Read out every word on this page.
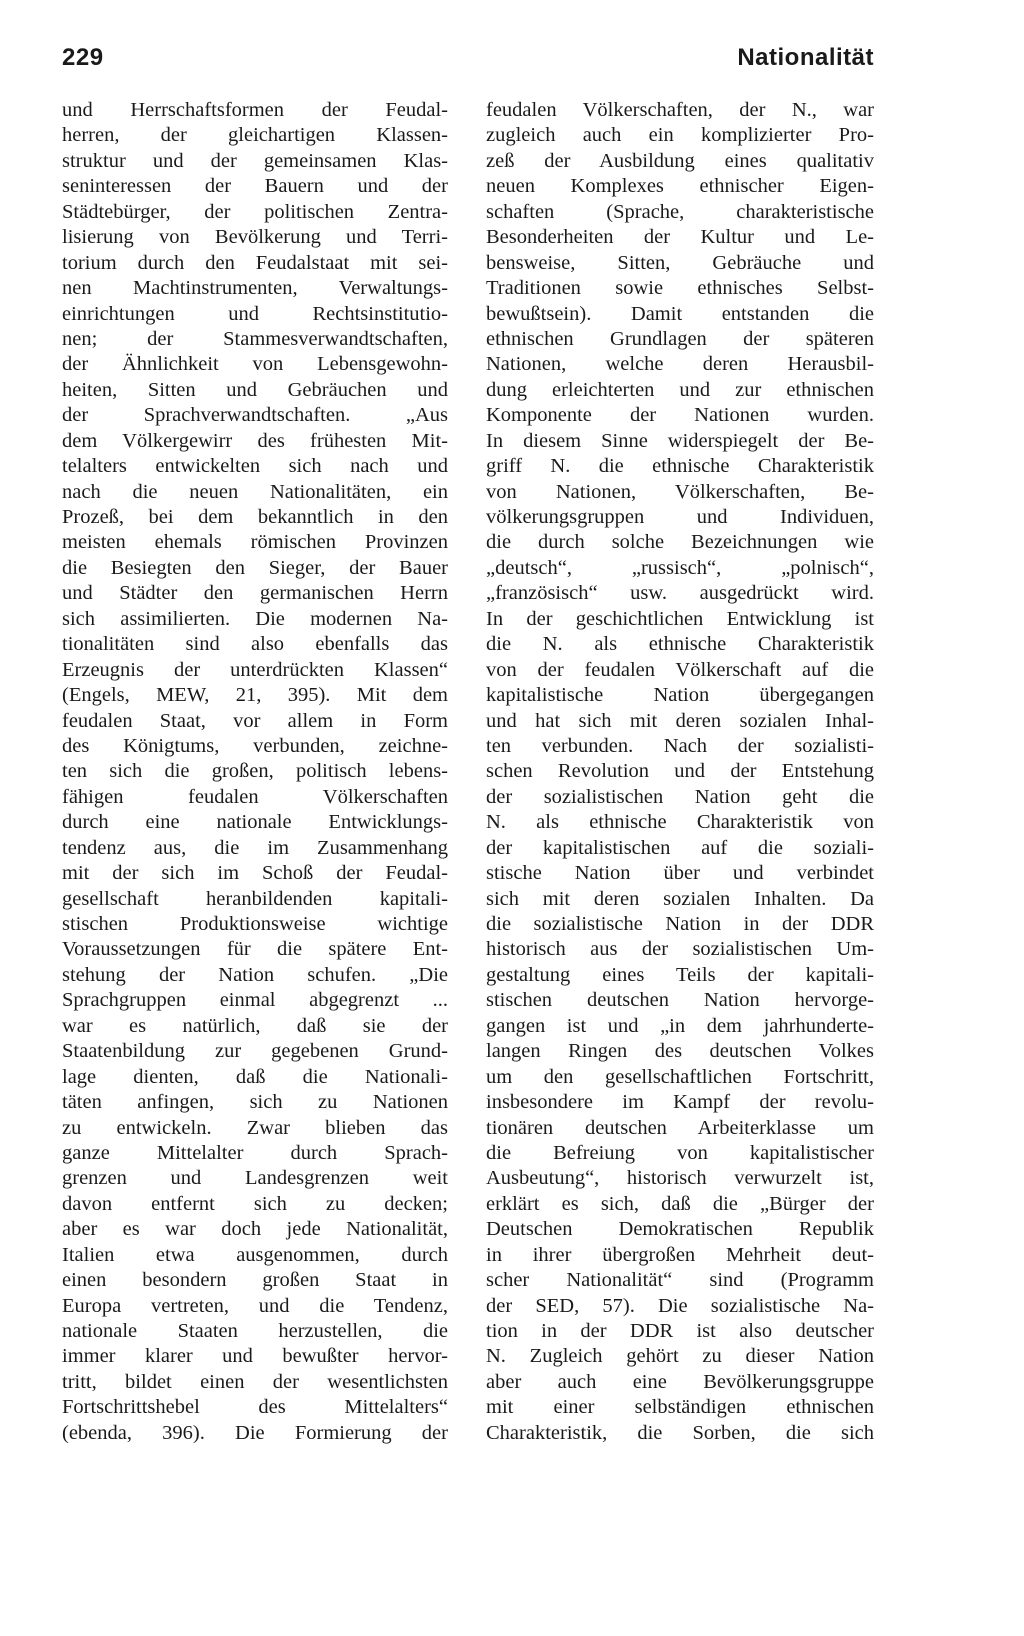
229	Nationalität
und Herrschaftsformen der Feudal-
herren, der gleichartigen Klassen-
struktur und der gemeinsamen Klas-
seninteressen der Bauern und der
Städtebürger, der politischen Zentra-
lisierung von Bevölkerung und Terri-
torium durch den Feudalstaat mit sei-
nen Machtinstrumenten, Verwaltungs-
einrichtungen und Rechtsinstitutio-
nen; der Stammesverwandtschaften,
der Ähnlichkeit von Lebensgewohn-
heiten, Sitten und Gebräuchen und
der Sprachverwandtschaften. „Aus
dem Völkergewirr des frühesten Mit-
telalters entwickelten sich nach und
nach die neuen Nationalitäten, ein
Prozeß, bei dem bekanntlich in den
meisten ehemals römischen Provinzen
die Besiegten den Sieger, der Bauer
und Städter den germanischen Herrn
sich assimilierten. Die modernen Na-
tionalitäten sind also ebenfalls das
Erzeugnis der unterdrückten Klassen“
(Engels, MEW, 21, 395). Mit dem
feudalen Staat, vor allem in Form
des Königtums, verbunden, zeichne-
ten sich die großen, politisch lebens-
fähigen feudalen Völkerschaften
durch eine nationale Entwicklungs-
tendenz aus, die im Zusammenhang
mit der sich im Schoß der Feudal-
gesellschaft heranbildenden kapitali-
stischen Produktionsweise wichtige
Voraussetzungen für die spätere Ent-
stehung der Nation schufen. „Die
Sprachgruppen einmal abgegrenzt ...
war es natürlich, daß sie der
Staatenbildung zur gegebenen Grund-
lage dienten, daß die Nationali-
täten anfingen, sich zu Nationen
zu entwickeln. Zwar blieben das
ganze Mittelalter durch Sprach-
grenzen und Landesgrenzen weit
davon entfernt sich zu decken;
aber es war doch jede Nationalität,
Italien etwa ausgenommen, durch
einen besondern großen Staat in
Europa vertreten, und die Tendenz,
nationale Staaten herzustellen, die
immer klarer und bewußter hervor-
tritt, bildet einen der wesentlichsten
Fortschrittshebel des Mittelalters“
(ebenda, 396). Die Formierung der
feudalen Völkerschaften, der N., war
zugleich auch ein komplizierter Pro-
zeß der Ausbildung eines qualitativ
neuen Komplexes ethnischer Eigen-
schaften (Sprache, charakteristische
Besonderheiten der Kultur und Le-
bensweise, Sitten, Gebräuche und
Traditionen sowie ethnisches Selbst-
bewußtsein). Damit entstanden die
ethnischen Grundlagen der späteren
Nationen, welche deren Herausbil-
dung erleichterten und zur ethnischen
Komponente der Nationen wurden.
In diesem Sinne widerspiegelt der Be-
griff N. die ethnische Charakteristik
von Nationen, Völkerschaften, Be-
völkerungsgruppen und Individuen,
die durch solche Bezeichnungen wie
„deutsch“, „russisch“, „polnisch“,
„französisch“ usw. ausgedrückt wird.
In der geschichtlichen Entwicklung ist
die N. als ethnische Charakteristik
von der feudalen Völkerschaft auf die
kapitalistische Nation übergegangen
und hat sich mit deren sozialen Inhal-
ten verbunden. Nach der sozialisti-
schen Revolution und der Entstehung
der sozialistischen Nation geht die
N. als ethnische Charakteristik von
der kapitalistischen auf die soziali-
stische Nation über und verbindet
sich mit deren sozialen Inhalten. Da
die sozialistische Nation in der DDR
historisch aus der sozialistischen Um-
gestaltung eines Teils der kapitali-
stischen deutschen Nation hervorge-
gangen ist und „in dem jahrhunderte-
langen Ringen des deutschen Volkes
um den gesellschaftlichen Fortschritt,
insbesondere im Kampf der revolu-
tionären deutschen Arbeiterklasse um
die Befreiung von kapitalistischer
Ausbeutung“, historisch verwurzelt ist,
erklärt es sich, daß die „Bürger der
Deutschen Demokratischen Republik
in ihrer übergroßen Mehrheit deut-
scher Nationalität“ sind (Programm
der SED, 57). Die sozialistische Na-
tion in der DDR ist also deutscher
N. Zugleich gehört zu dieser Nation
aber auch eine Bevölkerungsgruppe
mit einer selbständigen ethnischen
Charakteristik, die Sorben, die sich
